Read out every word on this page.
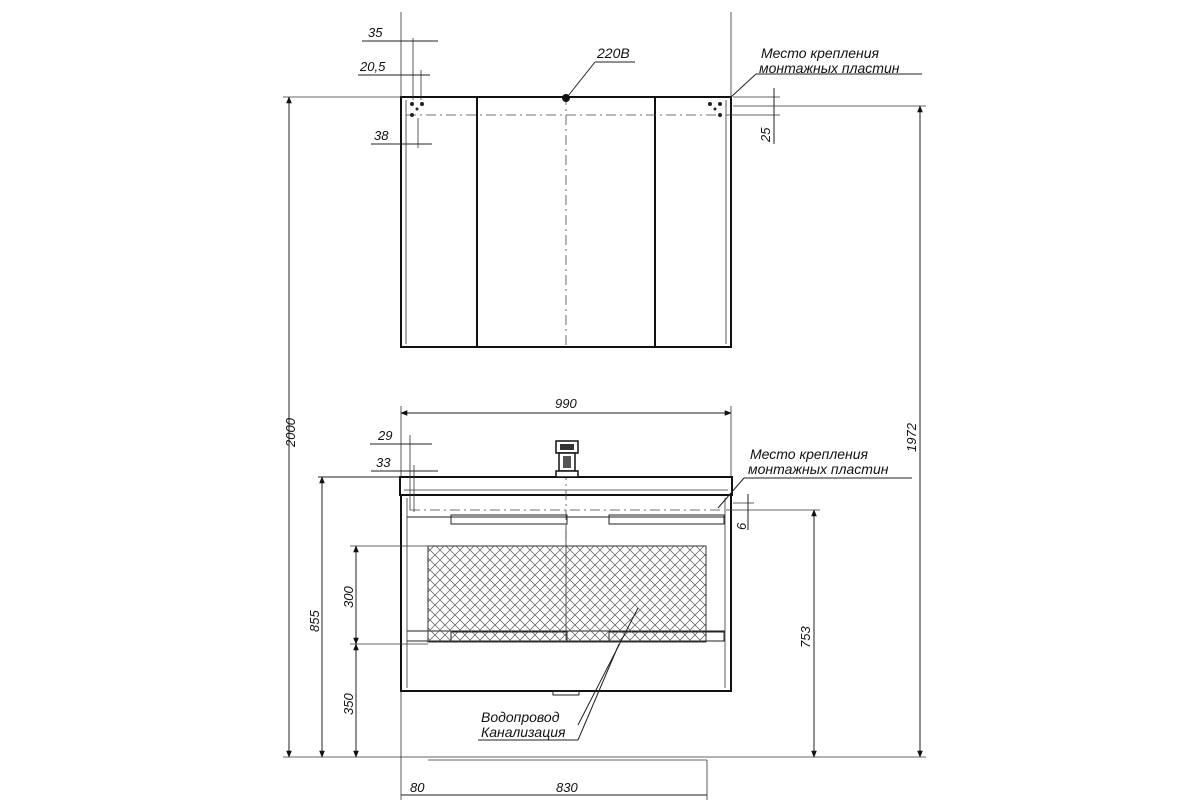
220В	Место крепления
монтажных пластин
35
20,5
38	25
2000	1972
990
29
33
Место крепления
монтажных пластин
6
753
855
300
350
Водопровод
Канализация
80	830
